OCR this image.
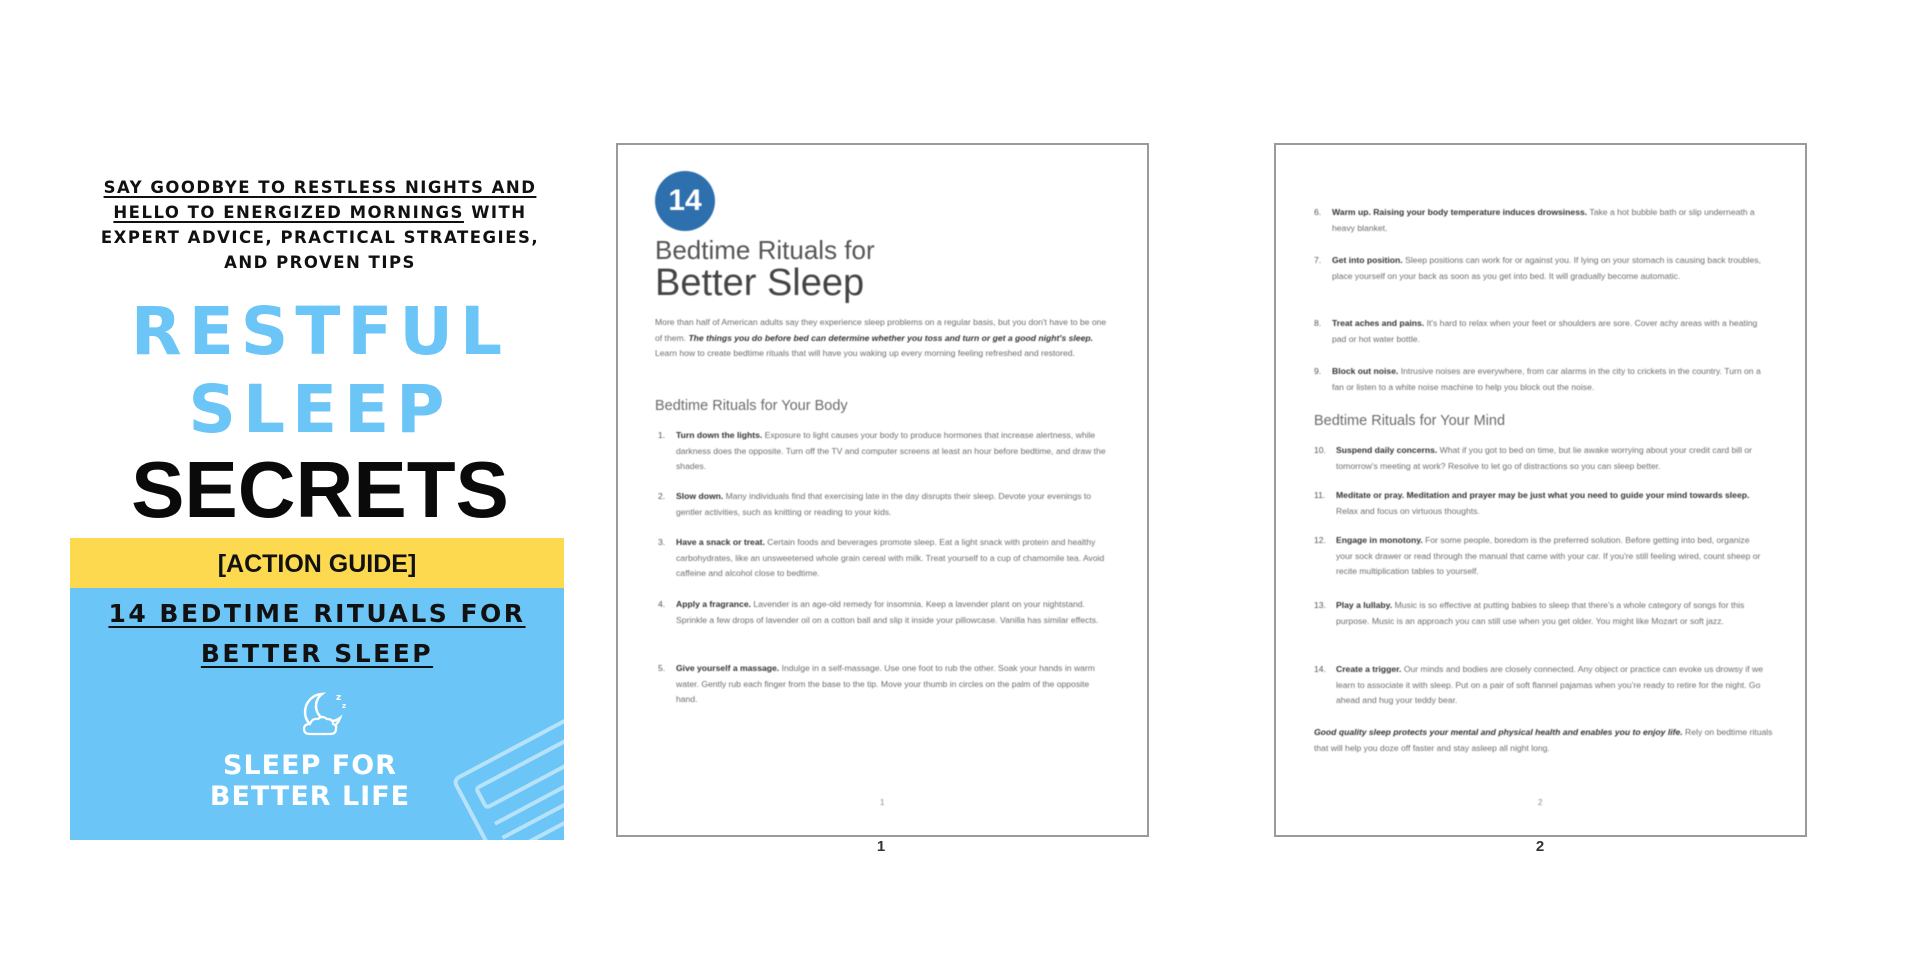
SAY GOODBYE TO RESTLESS NIGHTS AND HELLO TO ENERGIZED MORNINGS WITH EXPERT ADVICE, PRACTICAL STRATEGIES, AND PROVEN TIPS
RESTFUL
SLEEP
SECRETS
[ACTION GUIDE]
14 BEDTIME RITUALS FOR BETTER SLEEP
z
z
SLEEP FOR
BETTER LIFE
14
Bedtime Rituals for
Better Sleep
More than half of American adults say they experience sleep problems on a regular basis, but you don't have to be one of them. The things you do before bed can determine whether you toss and turn or get a good night's sleep. Learn how to create bedtime rituals that will have you waking up every morning feeling refreshed and restored.
Bedtime Rituals for Your Body
1. Turn down the lights. Exposure to light causes your body to produce hormones that increase alertness, while darkness does the opposite. Turn off the TV and computer screens at least an hour before bedtime, and draw the shades.
2. Slow down. Many individuals find that exercising late in the day disrupts their sleep. Devote your evenings to gentler activities, such as knitting or reading to your kids.
3. Have a snack or treat. Certain foods and beverages promote sleep. Eat a light snack with protein and healthy carbohydrates, like an unsweetened whole grain cereal with milk. Treat yourself to a cup of chamomile tea. Avoid caffeine and alcohol close to bedtime.
4. Apply a fragrance. Lavender is an age-old remedy for insomnia. Keep a lavender plant on your nightstand. Sprinkle a few drops of lavender oil on a cotton ball and slip it inside your pillowcase. Vanilla has similar effects.
5. Give yourself a massage. Indulge in a self-massage. Use one foot to rub the other. Soak your hands in warm water. Gently rub each finger from the base to the tip. Move your thumb in circles on the palm of the opposite hand.
1
1
6. Warm up. Raising your body temperature induces drowsiness. Take a hot bubble bath or slip underneath a heavy blanket.
7. Get into position. Sleep positions can work for or against you. If lying on your stomach is causing back troubles, place yourself on your back as soon as you get into bed. It will gradually become automatic.
8. Treat aches and pains. It's hard to relax when your feet or shoulders are sore. Cover achy areas with a heating pad or hot water bottle.
9. Block out noise. Intrusive noises are everywhere, from car alarms in the city to crickets in the country. Turn on a fan or listen to a white noise machine to help you block out the noise.
Bedtime Rituals for Your Mind
10. Suspend daily concerns. What if you got to bed on time, but lie awake worrying about your credit card bill or tomorrow's meeting at work? Resolve to let go of distractions so you can sleep better.
11. Meditate or pray. Meditation and prayer may be just what you need to guide your mind towards sleep. Relax and focus on virtuous thoughts.
12. Engage in monotony. For some people, boredom is the preferred solution. Before getting into bed, organize your sock drawer or read through the manual that came with your car. If you're still feeling wired, count sheep or recite multiplication tables to yourself.
13. Play a lullaby. Music is so effective at putting babies to sleep that there's a whole category of songs for this purpose. Music is an approach you can still use when you get older. You might like Mozart or soft jazz.
14. Create a trigger. Our minds and bodies are closely connected. Any object or practice can evoke us drowsy if we learn to associate it with sleep. Put on a pair of soft flannel pajamas when you're ready to retire for the night. Go ahead and hug your teddy bear.
Good quality sleep protects your mental and physical health and enables you to enjoy life. Rely on bedtime rituals that will help you doze off faster and stay asleep all night long.
2
2
